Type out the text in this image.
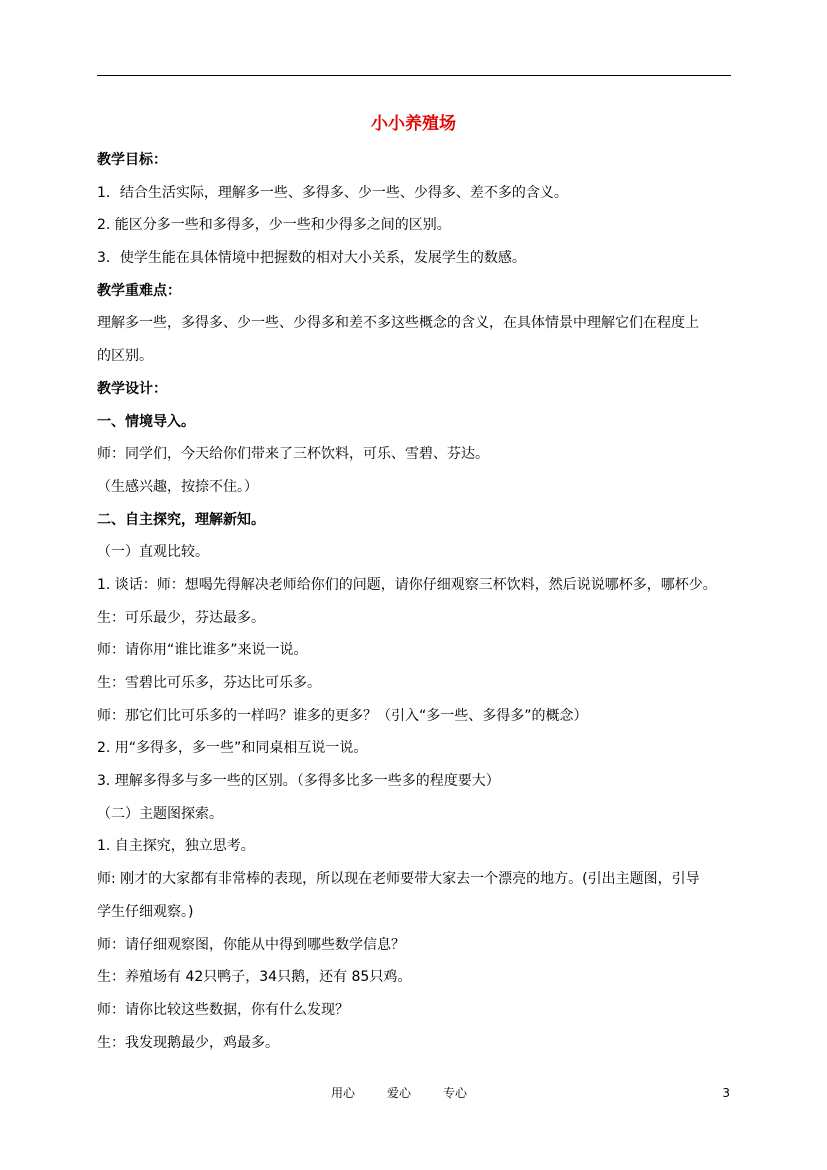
小小养殖场
教学目标：
1．结合生活实际，理解多一些、多得多、少一些、少得多、差不多的含义。
2. 能区分多一些和多得多，少一些和少得多之间的区别。
3．使学生能在具体情境中把握数的相对大小关系，发展学生的数感。
教学重难点：
理解多一些，多得多、少一些、少得多和差不多这些概念的含义，在具体情景中理解它们在程度上
的区别。
教学设计：
一、情境导入。
师：同学们，今天给你们带来了三杯饮料，可乐、雪碧、芬达。
（生感兴趣，按捺不住。）
二、自主探究，理解新知。
（一）直观比较。
1. 谈话：师：想喝先得解决老师给你们的问题，请你仔细观察三杯饮料，然后说说哪杯多，哪杯少。
生：可乐最少，芬达最多。
师：请你用“谁比谁多”来说一说。
生：雪碧比可乐多，芬达比可乐多。
师：那它们比可乐多的一样吗？谁多的更多？（引入“多一些、多得多”的概念）
2. 用“多得多，多一些”和同桌相互说一说。
3. 理解多得多与多一些的区别。（多得多比多一些多的程度要大）
（二）主题图探索。
1. 自主探究，独立思考。
师: 刚才的大家都有非常棒的表现，所以现在老师要带大家去一个漂亮的地方。(引出主题图，引导
学生仔细观察。)
师：请仔细观察图，你能从中得到哪些数学信息？
生：养殖场有 42只鸭子，34只鹅，还有 85只鸡。
师：请你比较这些数据，你有什么发现？
生：我发现鹅最少，鸡最多。
用心	爱心	专心	3
